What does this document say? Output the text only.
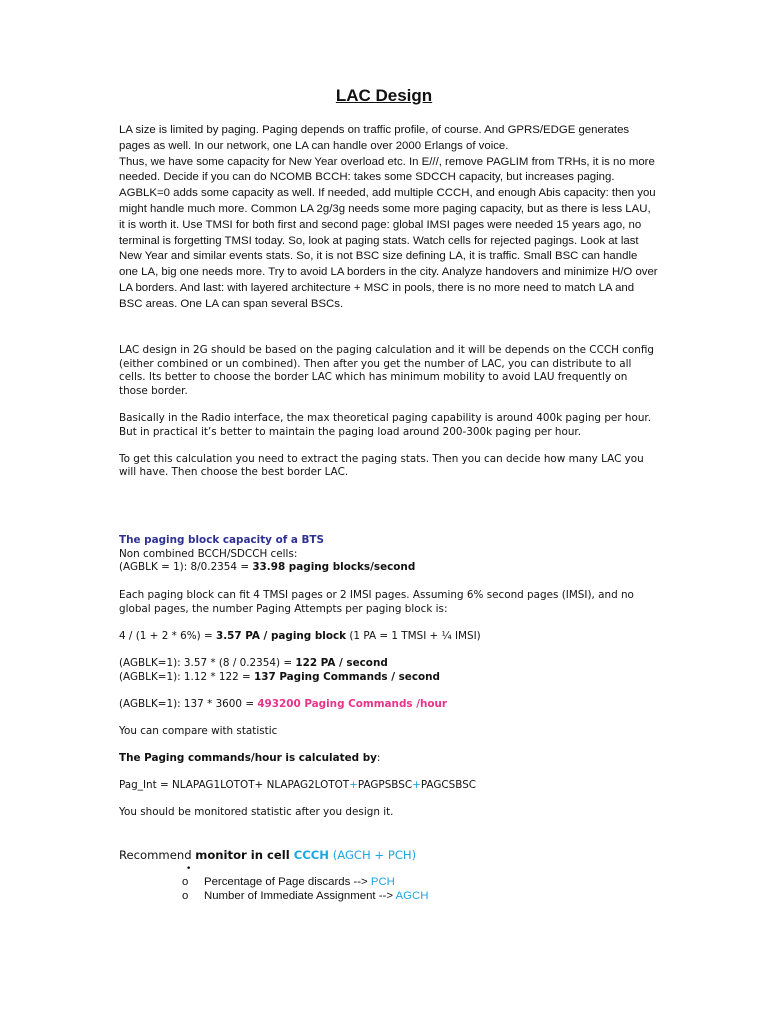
LAC Design

LA size is limited by paging. Paging depends on traffic profile, of course. And GPRS/EDGE generates pages as well. In our network, one LA can handle over 2000 Erlangs of voice.

Thus, we have some capacity for New Year overload etc. In E///, remove PAGLIM from TRHs, it is no more needed. Decide if you can do NCOMB BCCH: takes some SDCCH capacity, but increases paging.

AGBLK=0 adds some capacity as well. If needed, add multiple CCCH, and enough Abis capacity: then you might handle much more. Common LA 2g/3g needs some more paging capacity, but as there is less LAU, it is worth it. Use TMSI for both first and second page: global IMSI pages were needed 15 years ago, no terminal is forgetting TMSI today. So, look at paging stats. Watch cells for rejected pagings. Look at last New Year and similar events stats. So, it is not BSC size defining LA, it is traffic. Small BSC can handle one LA, big one needs more. Try to avoid LA borders in the city. Analyze handovers and minimize H/O over LA borders. And last: with layered architecture + MSC in pools, there is no more need to match LA and BSC areas. One LA can span several BSCs.

LAC design in 2G should be based on the paging calculation and it will be depends on the CCCH config (either combined or un combined). Then after you get the number of LAC, you can distribute to all cells. Its better to choose the border LAC which has minimum mobility to avoid LAU frequently on those border.

Basically in the Radio interface, the max theoretical paging capability is around 400k paging per hour. But in practical it’s better to maintain the paging load around 200-300k paging per hour.

To get this calculation you need to extract the paging stats. Then you can decide how many LAC you will have. Then choose the best border LAC.

The paging block capacity of a BTS
Non combined BCCH/SDCCH cells:
(AGBLK = 1): 8/0.2354 = 33.98 paging blocks/second
Each paging block can fit 4 TMSI pages or 2 IMSI pages. Assuming 6% second pages (IMSI), and no global pages, the number Paging Attempts per paging block is:
4 / (1 + 2 * 6%) = 3.57 PA / paging block (1 PA = 1 TMSI + ¼ IMSI)
(AGBLK=1): 3.57 * (8 / 0.2354) = 122 PA / second
(AGBLK=1): 1.12 * 122 = 137 Paging Commands / second
(AGBLK=1): 137 * 3600 = 493200 Paging Commands /hour
You can compare with statistic
The Paging commands/hour is calculated by:
Pag_Int = NLAPAG1LOTOT+ NLAPAG2LOTOT+PAGPSBSC+PAGCSBSC
You should be monitored statistic after you design it.
Recommend monitor in cell CCCH (AGCH + PCH)
•
o Percentage of Page discards --> PCH
o Number of Immediate Assignment --> AGCH
